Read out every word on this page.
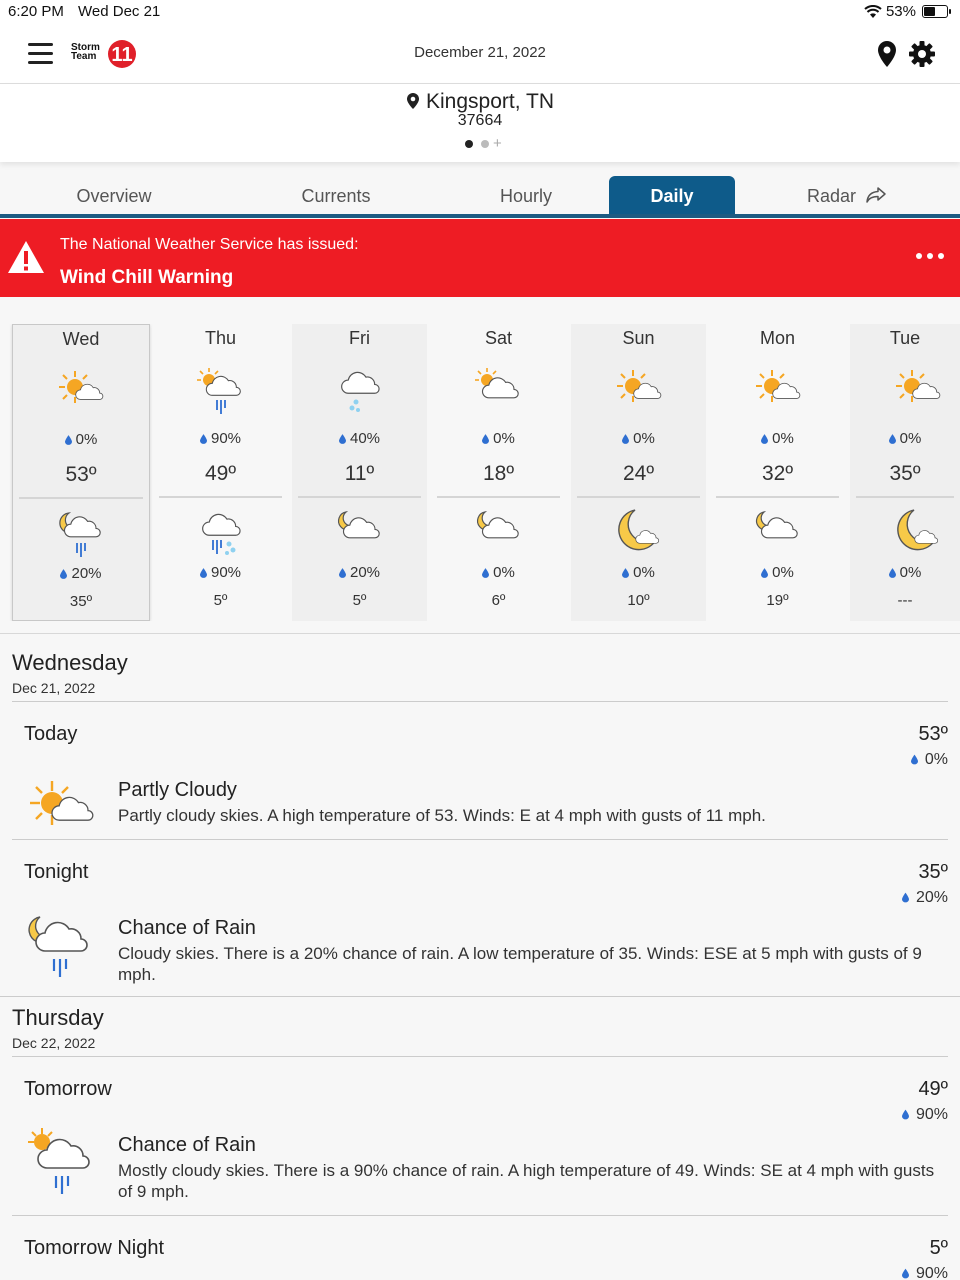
6:20 PM Wed Dec 21	53%
Storm
Team 11	December 21, 2022
Kingsport, TN
37664
+
Overview	Currents	Hourly	Daily	Radar
The National Weather Service has issued:
Wind Chill Warning
Wed
0%
53º
20%
35º
Thu
90%
49º
90%
5º
Fri
40%
11º
20%
5º
Sat
0%
18º
0%
6º
Sun
0%
24º
0%
10º
Mon
0%
32º
0%
19º
Tue
0%
35º
0%
---
Wednesday
Dec 21, 2022
Today	53º
0%
Partly Cloudy
Partly cloudy skies. A high temperature of 53. Winds: E at 4 mph with gusts of 11 mph.
Tonight	35º
20%
Chance of Rain
Cloudy skies. There is a 20% chance of rain. A low temperature of 35. Winds: ESE at 5 mph with gusts of 9 mph.
Thursday
Dec 22, 2022
Tomorrow	49º
90%
Chance of Rain
Mostly cloudy skies. There is a 90% chance of rain. A high temperature of 49. Winds: SE at 4 mph with gusts of 9 mph.
Tomorrow Night	5º
90%
